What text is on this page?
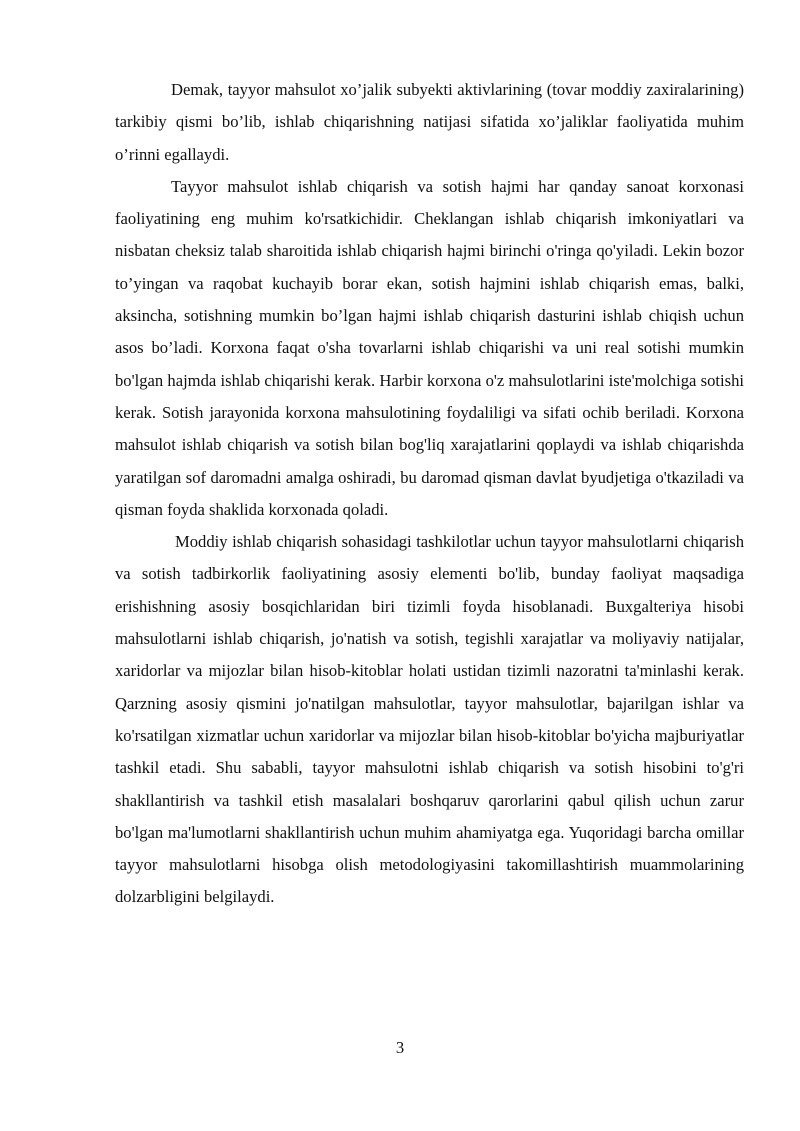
Demak, tayyor mahsulot xo’jalik subyekti aktivlarining (tovar moddiy zaxiralarining) tarkibiy qismi bo’lib, ishlab chiqarishning natijasi sifatida xo’jaliklar faoliyatida muhim o’rinni egallaydi.

Tayyor mahsulot ishlab chiqarish va sotish hajmi har qanday sanoat korxonasi faoliyatining eng muhim ko'rsatkichidir. Cheklangan ishlab chiqarish imkoniyatlari va nisbatan cheksiz talab sharoitida ishlab chiqarish hajmi birinchi o'ringa qo'yiladi. Lekin bozor to’yingan va raqobat kuchayib borar ekan, sotish hajmini ishlab chiqarish emas, balki, aksincha, sotishning mumkin bo’lgan hajmi ishlab chiqarish dasturini ishlab chiqish uchun asos bo’ladi. Korxona faqat o'sha tovarlarni ishlab chiqarishi va uni real sotishi mumkin bo'lgan hajmda ishlab chiqarishi kerak. Harbir korxona o'z mahsulotlarini iste'molchiga sotishi kerak. Sotish jarayonida korxona mahsulotining foydaliligi va sifati ochib beriladi. Korxona mahsulot ishlab chiqarish va sotish bilan bog'liq xarajatlarini qoplaydi va ishlab chiqarishda yaratilgan sof daromadni amalga oshiradi, bu daromad qisman davlat byudjetiga o'tkaziladi va qisman foyda shaklida korxonada qoladi.

Moddiy ishlab chiqarish sohasidagi tashkilotlar uchun tayyor mahsulotlarni chiqarish va sotish tadbirkorlik faoliyatining asosiy elementi bo'lib, bunday faoliyat maqsadiga erishishning asosiy bosqichlaridan biri tizimli foyda hisoblanadi. Buxgalteriya hisobi mahsulotlarni ishlab chiqarish, jo'natish va sotish, tegishli xarajatlar va moliyaviy natijalar, xaridorlar va mijozlar bilan hisob-kitoblar holati ustidan tizimli nazoratni ta'minlashi kerak. Qarzning asosiy qismini jo'natilgan mahsulotlar, tayyor mahsulotlar, bajarilgan ishlar va ko'rsatilgan xizmatlar uchun xaridorlar va mijozlar bilan hisob-kitoblar bo'yicha majburiyatlar tashkil etadi. Shu sababli, tayyor mahsulotni ishlab chiqarish va sotish hisobini to'g'ri shakllantirish va tashkil etish masalalari boshqaruv qarorlarini qabul qilish uchun zarur bo'lgan ma'lumotlarni shakllantirish uchun muhim ahamiyatga ega. Yuqoridagi barcha omillar tayyor mahsulotlarni hisobga olish metodologiyasini takomillashtirish muammolarining dolzarbligini belgilaydi.

3
